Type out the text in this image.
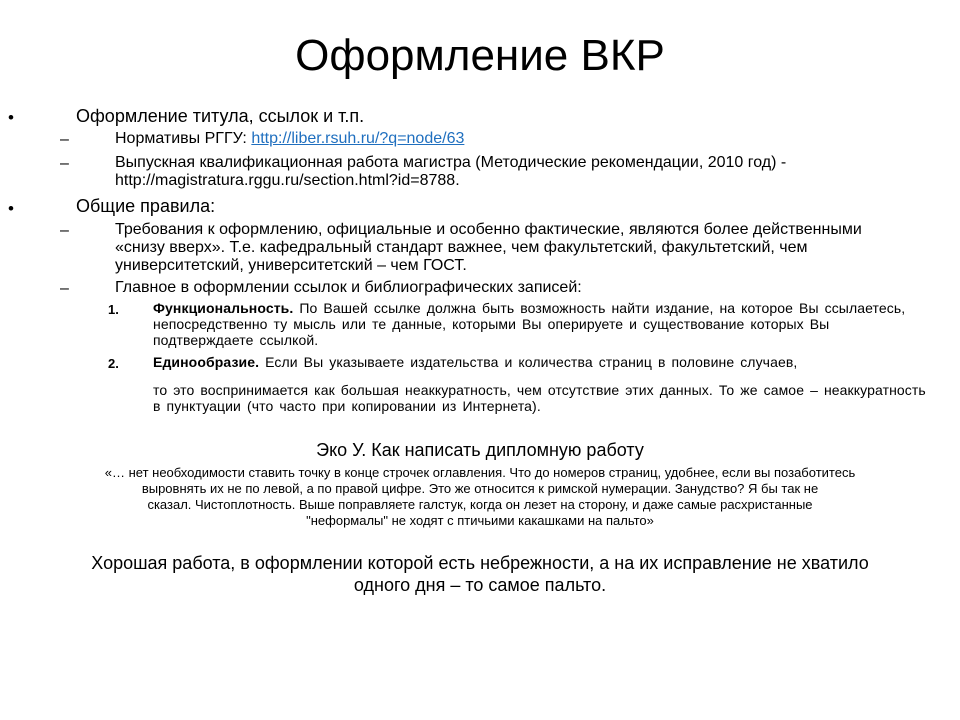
Оформление ВКР
•	Оформление титула, ссылок и т.п.
–	Нормативы РГГУ: http://liber.rsuh.ru/?q=node/63
–	Выпускная квалификационная работа магистра (Методические рекомендации, 2010 год) - http://magistratura.rggu.ru/section.html?id=8788.
•	Общие правила:
–	Требования к оформлению, официальные и особенно фактические, являются более действенными «снизу вверх». Т.е. кафедральный стандарт важнее, чем факультетский, факультетский, чем университетский, университетский – чем ГОСТ.
–	Главное в оформлении ссылок и библиографических записей:
1. Функциональность. По Вашей ссылке должна быть возможность найти издание, на которое Вы ссылаетесь, непосредственно ту мысль или те данные, которыми Вы оперируете и существование которых Вы подтверждаете ссылкой.
2. Единообразие. Если Вы указываете издательства и количества страниц в половине случаев,
то это воспринимается как большая неаккуратность, чем отсутствие этих данных. То же самое – неаккуратность в пунктуации (что часто при копировании из Интернета).
Эко У. Как написать дипломную работу
«… нет необходимости ставить точку в конце строчек оглавления. Что до номеров страниц, удобнее, если вы позаботитесь
выровнять их не по левой, а по правой цифре. Это же относится к римской нумерации. Занудство? Я бы так не
сказал. Чистоплотность. Выше поправляете галстук, когда он лезет на сторону, и даже самые расхристанные
"неформалы" не ходят с птичьими какашками на пальто»
Хорошая работа, в оформлении которой есть небрежности, а на их исправление не хватило
одного дня – то самое пальто.
